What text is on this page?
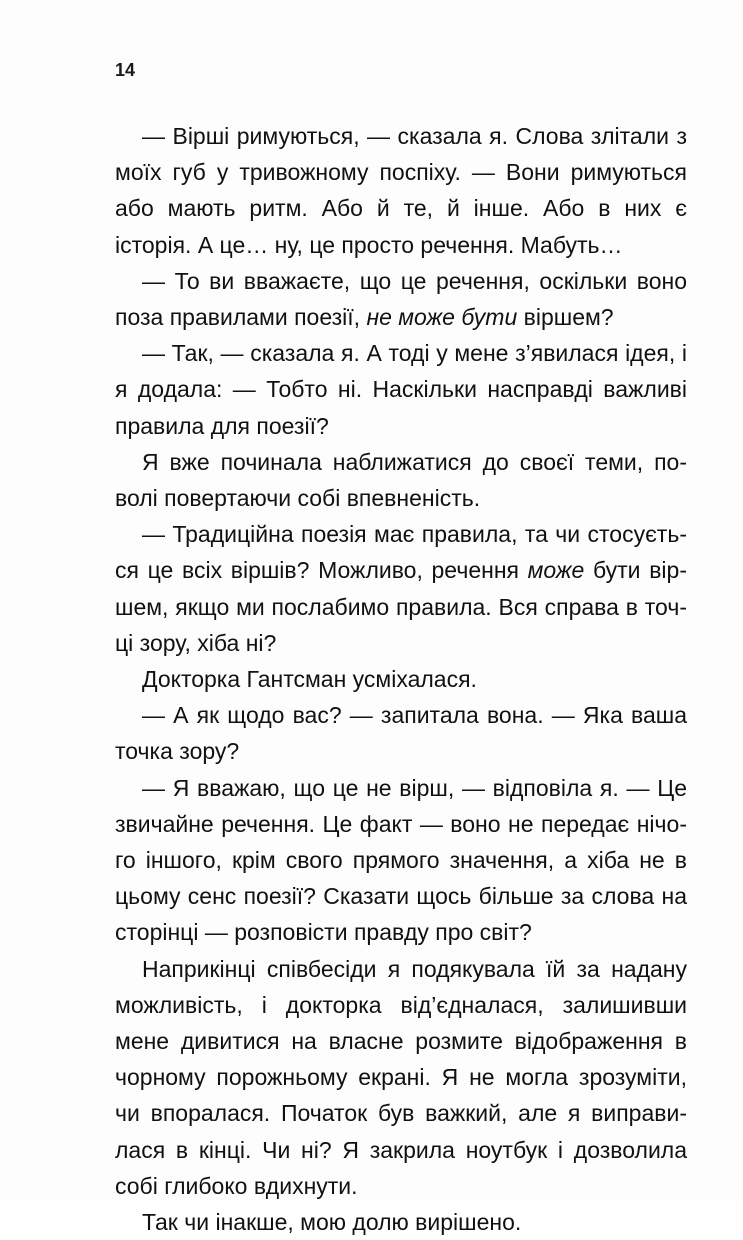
14

— Вірші римуються, — сказала я. Слова злітали з моїх губ у тривожному поспіху. — Вони римуються або мають ритм. Або й те, й інше. Або в них є історія. А це… ну, це просто речення. Мабуть…

— То ви вважаєте, що це речення, оскільки воно поза правилами поезії, не може бути віршем?

— Так, — сказала я. А тоді у мене з’явилася ідея, і я додала: — Тобто ні. Наскільки насправді важливі правила для поезії?

Я вже починала наближатися до своєї теми, поволі повертаючи собі впевненість.

— Традиційна поезія має правила, та чи стосується це всіх віршів? Можливо, речення може бути віршем, якщо ми послабимо правила. Вся справа в точці зору, хіба ні?

Докторка Гантсман усміхалася.

— А як щодо вас? — запитала вона. — Яка ваша точка зору?

— Я вважаю, що це не вірш, — відповіла я. — Це звичайне речення. Це факт — воно не передає нічого іншого, крім свого прямого значення, а хіба не в цьому сенс поезії? Сказати щось більше за слова на сторінці — розповісти правду про світ?

Наприкінці співбесіди я подякувала їй за надану можливість, і докторка від’єдналася, залишивши мене дивитися на власне розмите відображення в чорному порожньому екрані. Я не могла зрозуміти, чи впоралася. Початок був важкий, але я виправилася в кінці. Чи ні? Я закрила ноутбук і дозволила собі глибоко вдихнути.

Так чи інакше, мою долю вирішено.
